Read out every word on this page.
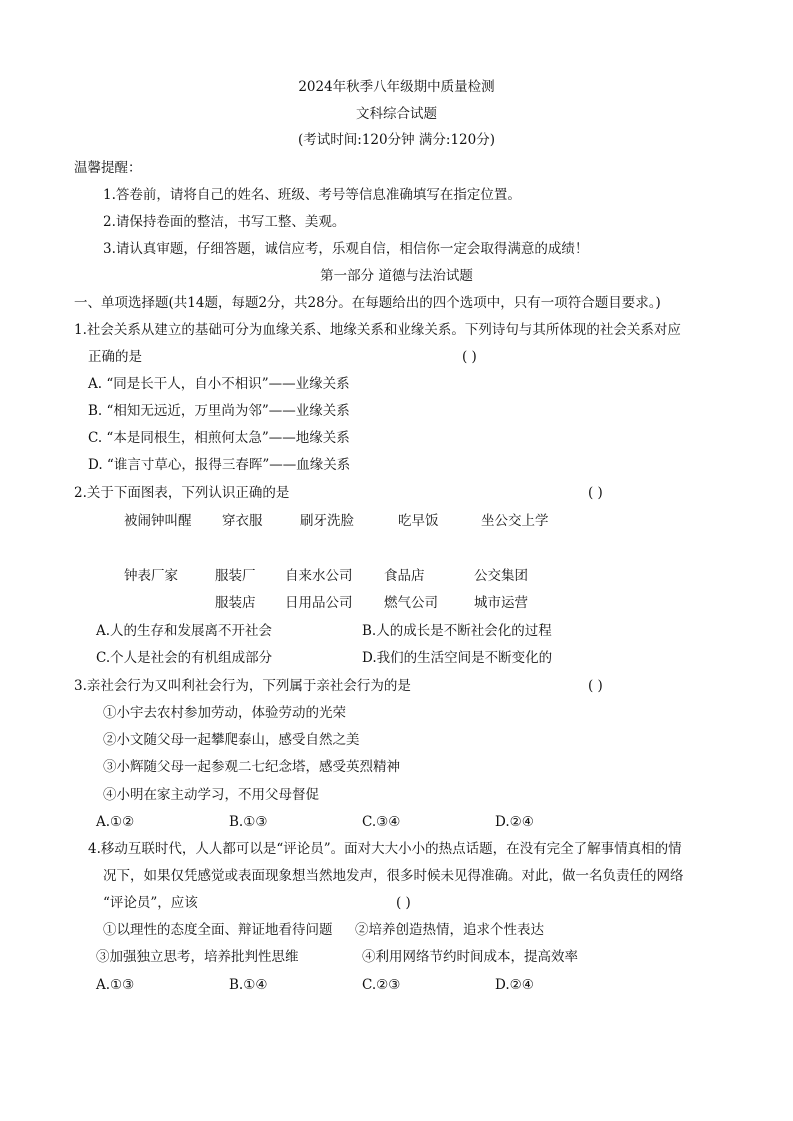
2024年秋季八年级期中质量检测
文科综合试题
(考试时间:120分钟 满分:120分)
温馨提醒：
1.答卷前，请将自己的姓名、班级、考号等信息准确填写在指定位置。
2.请保持卷面的整洁，书写工整、美观。
3.请认真审题，仔细答题，诚信应考，乐观自信，相信你一定会取得满意的成绩！
第一部分 道德与法治试题
一、单项选择题(共14题，每题2分，共28分。在每题给出的四个选项中，只有一项符合题目要求。)
1.社会关系从建立的基础可分为血缘关系、地缘关系和业缘关系。下列诗句与其所体现的社会关系对应
正确的是	( )
A. “同是长干人，自小不相识”——业缘关系
B. “相知无远近，万里尚为邻”——业缘关系
C. “本是同根生，相煎何太急”——地缘关系
D. “谁言寸草心，报得三春晖”——血缘关系
2.关于下面图表，下列认识正确的是	( )
被闹钟叫醒 穿衣服	刷牙洗脸	吃早饭	坐公交上学
钟表厂家	服装厂 自来水公司 食品店	公交集团
服装店 日用品公司 燃气公司	城市运营
A.人的生存和发展离不开社会	B.人的成长是不断社会化的过程
C.个人是社会的有机组成部分	D.我们的生活空间是不断变化的
3.亲社会行为又叫利社会行为，下列属于亲社会行为的是	( )
①小宇去农村参加劳动，体验劳动的光荣
②小文随父母一起攀爬泰山，感受自然之美
③小辉随父母一起参观二七纪念塔，感受英烈精神
④小明在家主动学习，不用父母督促
A.①②	B.①③	C.③④	D.②④
4.移动互联时代，人人都可以是“评论员”。面对大大小小的热点话题，在没有完全了解事情真相的情
况下，如果仅凭感觉或表面现象想当然地发声，很多时候未见得准确。对此，做一名负责任的网络
“评论员”，应该	( )
①以理性的态度全面、辩证地看待问题 ②培养创造热情，追求个性表达
③加强独立思考，培养批判性思维	④利用网络节约时间成本，提高效率
A.①③	B.①④	C.②③	D.②④
